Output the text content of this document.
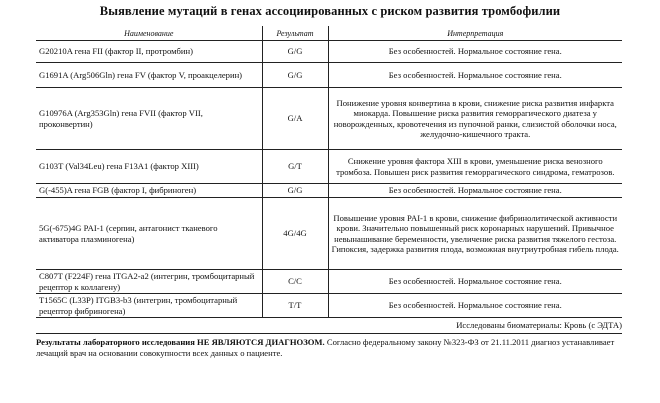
Выявление мутаций в генах ассоциированных с риском развития тромбофилии
Наименование	Результат	Интерпретация
G20210A гена FII (фактор II, протромбин)	G/G	Без особенностей. Нормальное состояние гена.
G1691A (Arg506Gln) гена FV (фактор V, проакцелерин)	G/G	Без особенностей. Нормальное состояние гена.
G10976A (Arg353Gln) гена FVII (фактор VII, проконвертин)	G/A	Понижение уровня конвертина в крови, снижение риска развития инфаркта миокарда. Повышение риска развития геморрагического диатеза у новорожденных, кровотечения из пупочной ранки, слизистой оболочки носа, желудочно-кишечного тракта.
G103T (Val34Leu) гена F13A1 (фактор XIII)	G/T	Снижение уровня фактора XIII в крови, уменьшение риска венозного тромбоза. Повышен риск развития геморрагического синдрома, гематрозов.
G(-455)A гена FGB (фактор I, фибриноген)	G/G	Без особенностей. Нормальное состояние гена.
5G(-675)4G PAI-1 (серпин, антагонист тканевого активатора плазминогена)	4G/4G	Повышение уровня PAI-1 в крови, снижение фибринолитической активности крови. Значительно повышенный риск коронарных нарушений. Привычное невынашивание беременности, увеличение риска развития тяжелого гестоза. Гипоксия, задержка развития плода, возможная внутриутробная гибель плода.
C807T (F224F) гена ITGA2-a2 (интегрин, тромбоцитарный рецептор к коллагену)	C/C	Без особенностей. Нормальное состояние гена.
T1565C (L33P) ITGB3-b3 (интегрин, тромбоцитарный рецептор фибриногена)	T/T	Без особенностей. Нормальное состояние гена.
Исследованы биоматериалы: Кровь (с ЭДТА)
Результаты лабораторного исследования НЕ ЯВЛЯЮТСЯ ДИАГНОЗОМ. Согласно федеральному закону №323-ФЗ от 21.11.2011 диагноз устанавливает лечащий врач на основании совокупности всех данных о пациенте.
